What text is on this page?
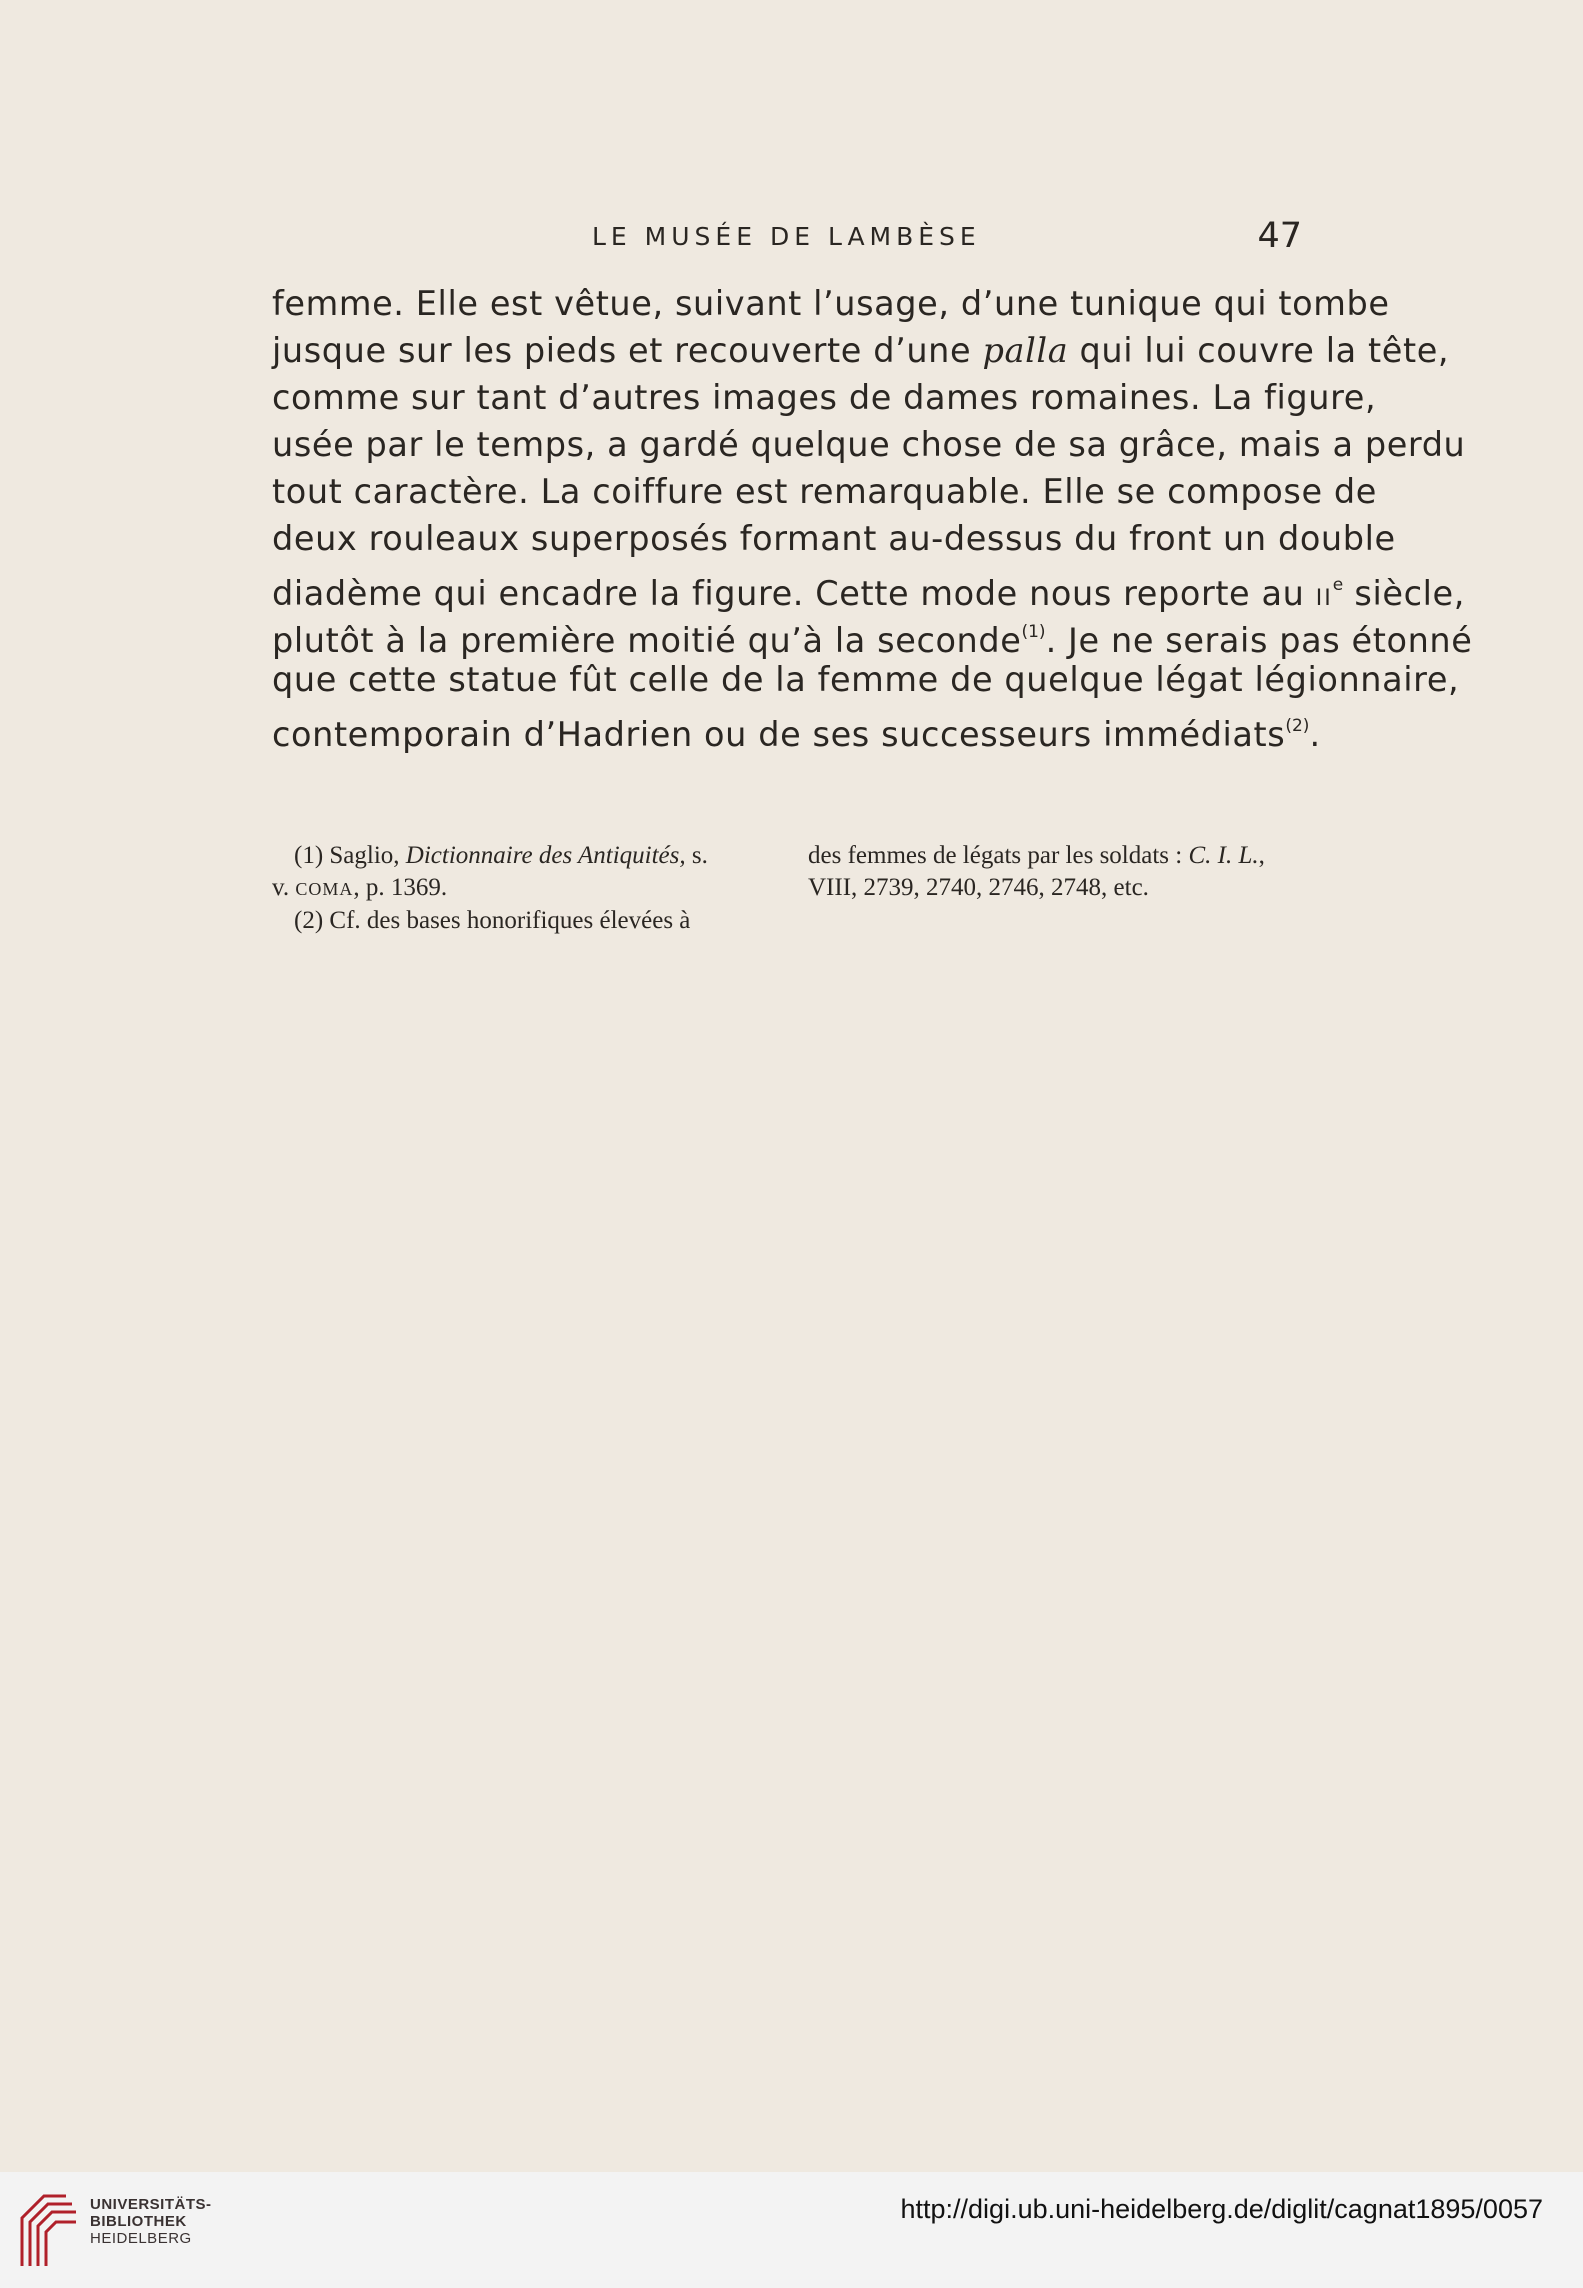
LE MUSÉE DE LAMBÈSE	47
femme. Elle est vêtue, suivant l’usage, d’une tunique qui tombe
jusque sur les pieds et recouverte d’une palla qui lui couvre la tête,
comme sur tant d’autres images de dames romaines. La figure,
usée par le temps, a gardé quelque chose de sa grâce, mais a perdu
tout caractère. La coiffure est remarquable. Elle se compose de
deux rouleaux superposés formant au-dessus du front un double
diadème qui encadre la figure. Cette mode nous reporte au IIe siècle,
plutôt à la première moitié qu’à la seconde$^{(1)}$. Je ne serais pas étonné
que cette statue fût celle de la femme de quelque légat légionnaire,
contemporain d’Hadrien ou de ses successeurs immédiats$^{(2)}$.
(1) Saglio, Dictionnaire des Antiquités, s.
v. COMA, p. 1369.
(2) Cf. des bases honorifiques élevées à
des femmes de légats par les soldats : C. I. L.,
VIII, 2739, 2740, 2746, 2748, etc.
UNIVERSITÄTS-
BIBLIOTHEK
HEIDELBERG
http://digi.ub.uni-heidelberg.de/diglit/cagnat1895/0057
